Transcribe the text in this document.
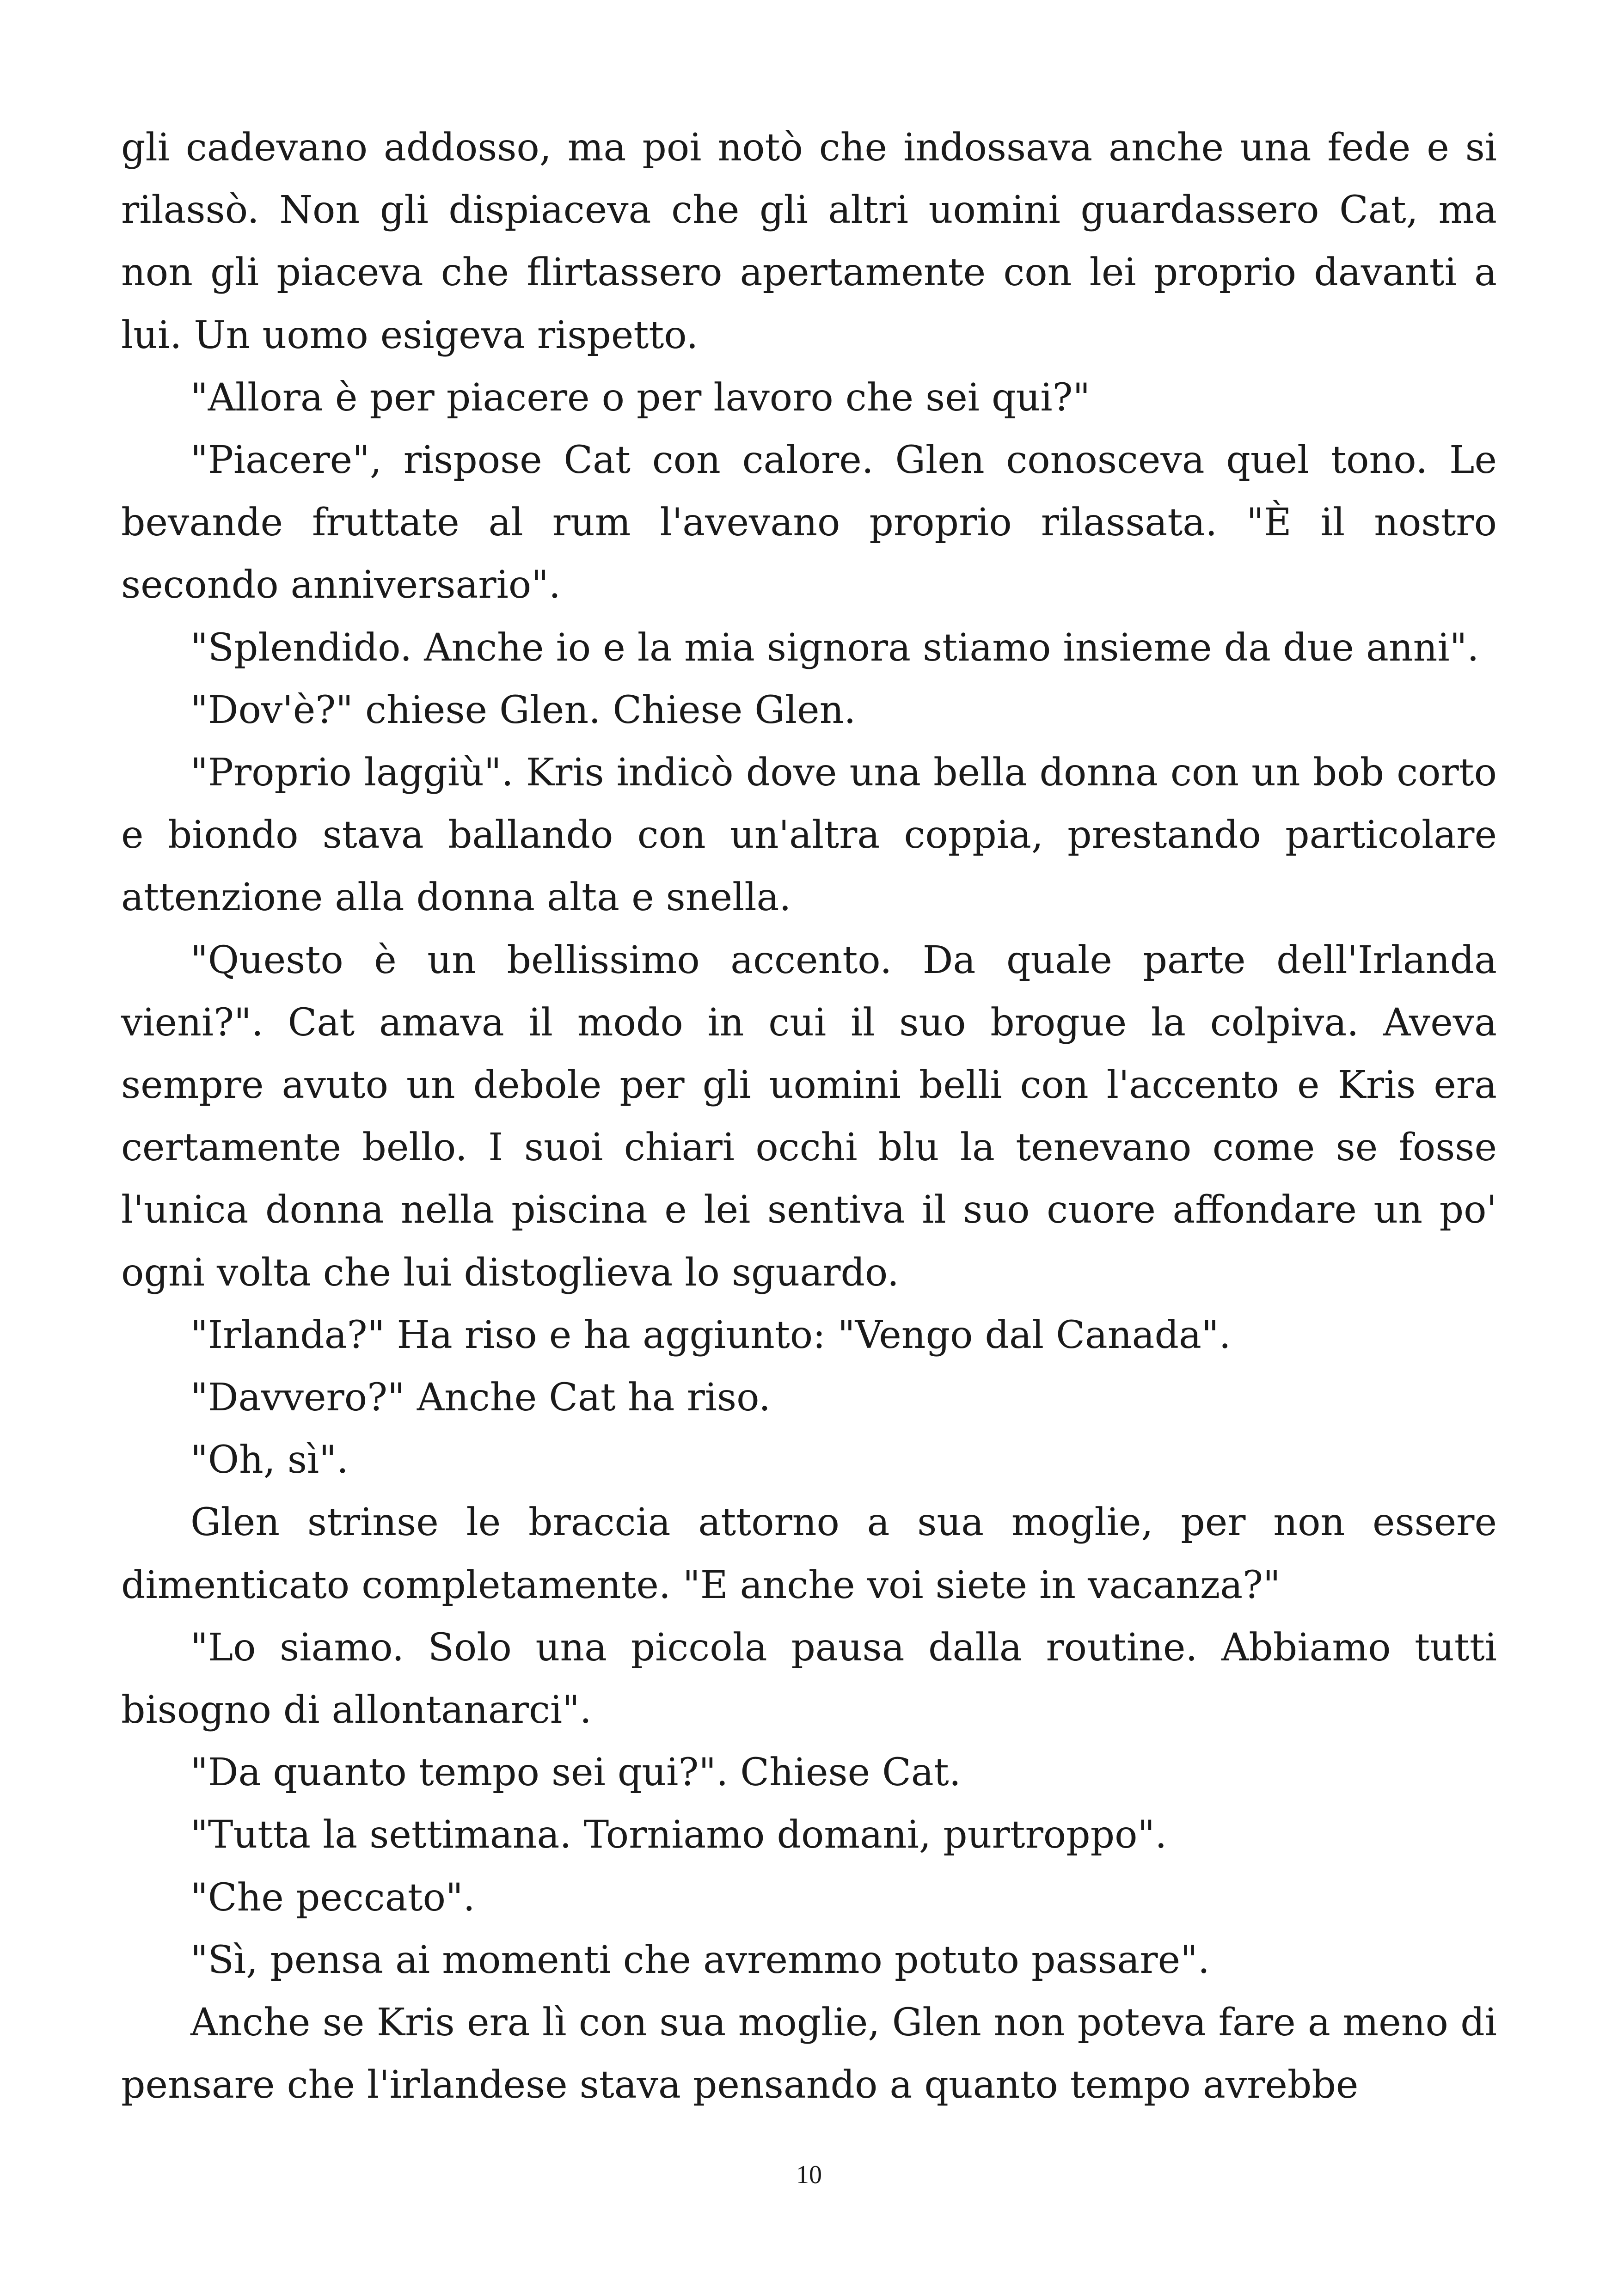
gli cadevano addosso, ma poi notò che indossava anche una fede e si rilassò. Non gli dispiaceva che gli altri uomini guardassero Cat, ma non gli piaceva che flirtassero apertamente con lei proprio davanti a lui. Un uomo esigeva rispetto.

"Allora è per piacere o per lavoro che sei qui?"

"Piacere", rispose Cat con calore. Glen conosceva quel tono. Le bevande fruttate al rum l'avevano proprio rilassata. "È il nostro secondo anniversario".

"Splendido. Anche io e la mia signora stiamo insieme da due anni".

"Dov'è?" chiese Glen. Chiese Glen.

"Proprio laggiù". Kris indicò dove una bella donna con un bob corto e biondo stava ballando con un'altra coppia, prestando particolare attenzione alla donna alta e snella.

"Questo è un bellissimo accento. Da quale parte dell'Irlanda vieni?". Cat amava il modo in cui il suo brogue la colpiva. Aveva sempre avuto un debole per gli uomini belli con l'accento e Kris era certamente bello. I suoi chiari occhi blu la tenevano come se fosse l'unica donna nella piscina e lei sentiva il suo cuore affondare un po' ogni volta che lui distoglieva lo sguardo.

"Irlanda?" Ha riso e ha aggiunto: "Vengo dal Canada".

"Davvero?" Anche Cat ha riso.

"Oh, sì".

Glen strinse le braccia attorno a sua moglie, per non essere dimenticato completamente. "E anche voi siete in vacanza?"

"Lo siamo. Solo una piccola pausa dalla routine. Abbiamo tutti bisogno di allontanarci".

"Da quanto tempo sei qui?". Chiese Cat.

"Tutta la settimana. Torniamo domani, purtroppo".

"Che peccato".

"Sì, pensa ai momenti che avremmo potuto passare".

Anche se Kris era lì con sua moglie, Glen non poteva fare a meno di pensare che l'irlandese stava pensando a quanto tempo avrebbe

10
